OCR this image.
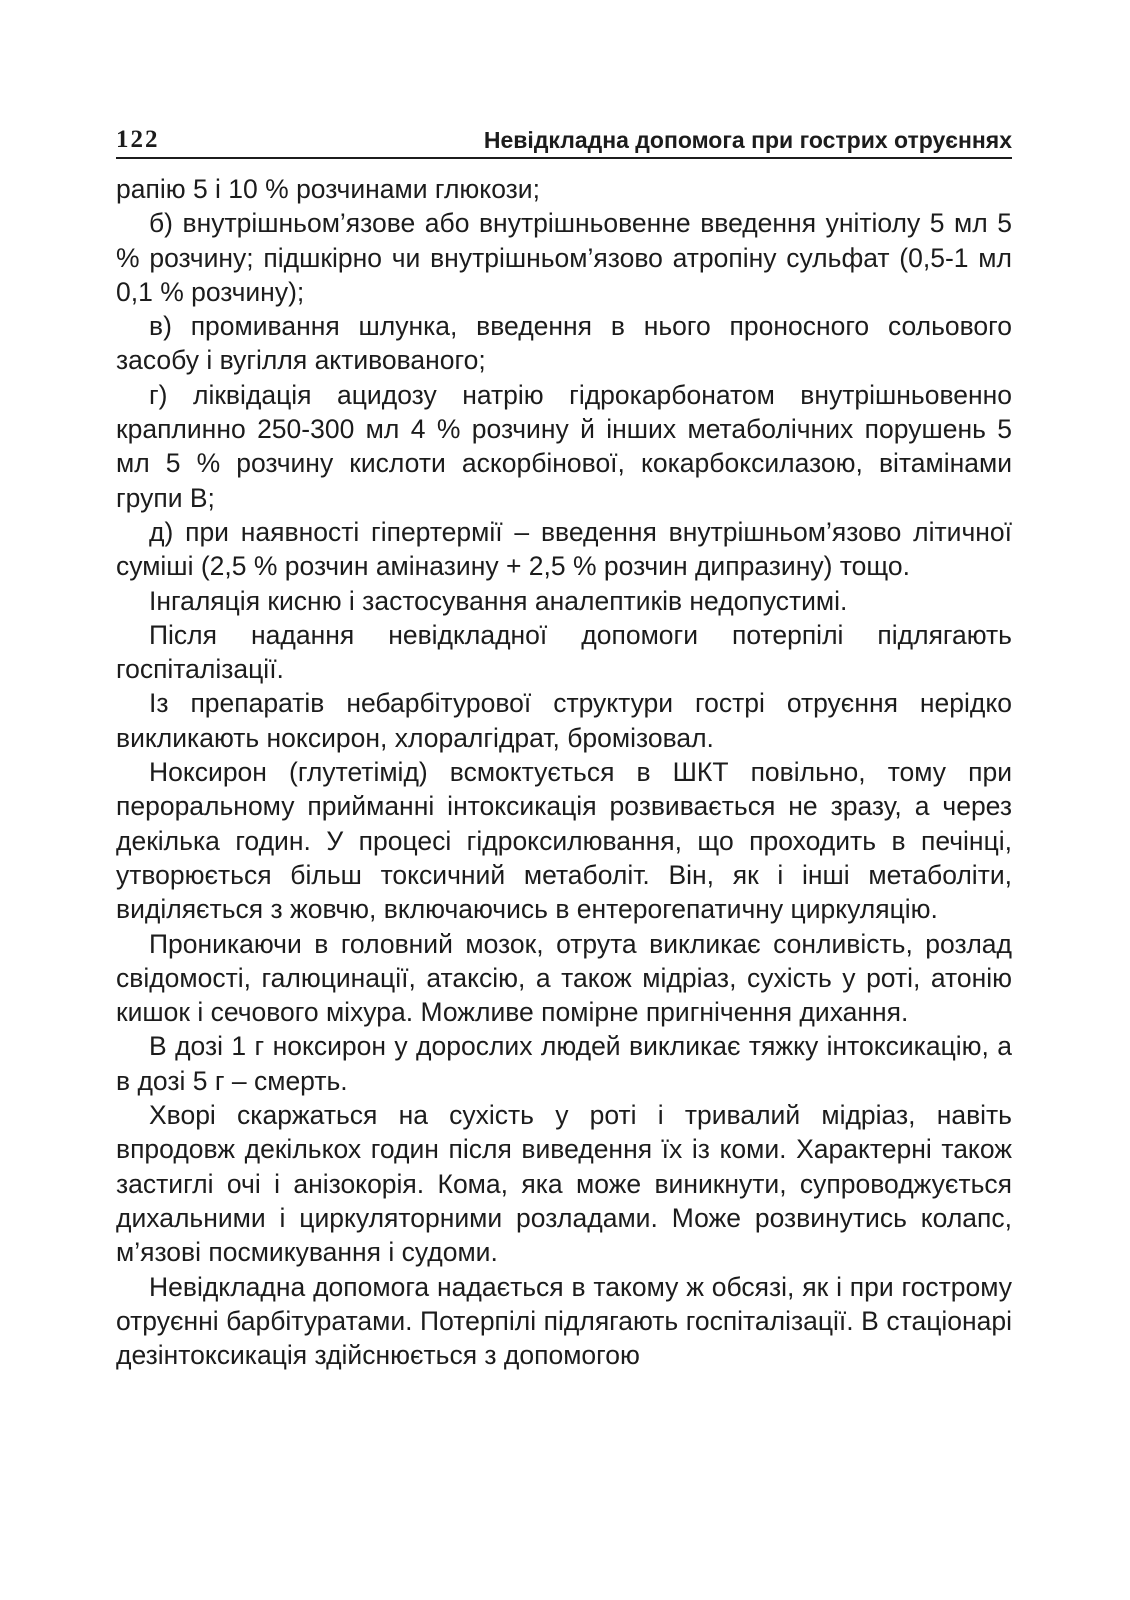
122	Невідкладна допомога при гострих отруєннях

рапію 5 і 10 % розчинами глюкози;

б) внутрішньом’язове або внутрішньовенне введення унітіолу 5 мл 5 % розчину; підшкірно чи внутрішньом’язово атропіну сульфат (0,5-1 мл 0,1 % розчину);

в) промивання шлунка, введення в нього проносного сольового засобу і вугілля активованого;

г) ліквідація ацидозу натрію гідрокарбонатом внутрішньовенно краплинно 250-300 мл 4 % розчину й інших метаболічних порушень 5 мл 5 % розчину кислоти аскорбінової, кокарбоксилазою, вітамінами групи В;

д) при наявності гіпертермії – введення внутрішньом’язово літичної суміші (2,5 % розчин аміназину + 2,5 % розчин дипразину) тощо.

Інгаляція кисню і застосування аналептиків недопустимі.

Після надання невідкладної допомоги потерпілі підлягають госпіталізації.

Із препаратів небарбітурової структури гострі отруєння нерідко викликають ноксирон, хлоралгідрат, бромізовал.

Ноксирон (глутетімід) всмоктується в ШКТ повільно, тому при пероральному прийманні інтоксикація розвивається не зразу, а через декілька годин. У процесі гідроксилювання, що проходить в печінці, утворюється більш токсичний метаболіт. Він, як і інші метаболіти, виділяється з жовчю, включаючись в ентерогепатичну циркуляцію.

Проникаючи в головний мозок, отрута викликає сонливість, розлад свідомості, галюцинації, атаксію, а також мідріаз, сухість у роті, атонію кишок і сечового міхура. Можливе помірне пригнічення дихання.

В дозі 1 г ноксирон у дорослих людей викликає тяжку інтоксикацію, а в дозі 5 г – смерть.

Хворі скаржаться на сухість у роті і тривалий мідріаз, навіть впродовж декількох годин після виведення їх із коми. Характерні також застиглі очі і анізокорія. Кома, яка може виникнути, супроводжується дихальними і циркуляторними розладами. Може розвинутись колапс, м’язові посмикування і судоми.

Невідкладна допомога надається в такому ж обсязі, як і при гострому отруєнні барбітуратами. Потерпілі підлягають госпіталізації. В стаціонарі дезінтоксикація здійснюється з допомогою
